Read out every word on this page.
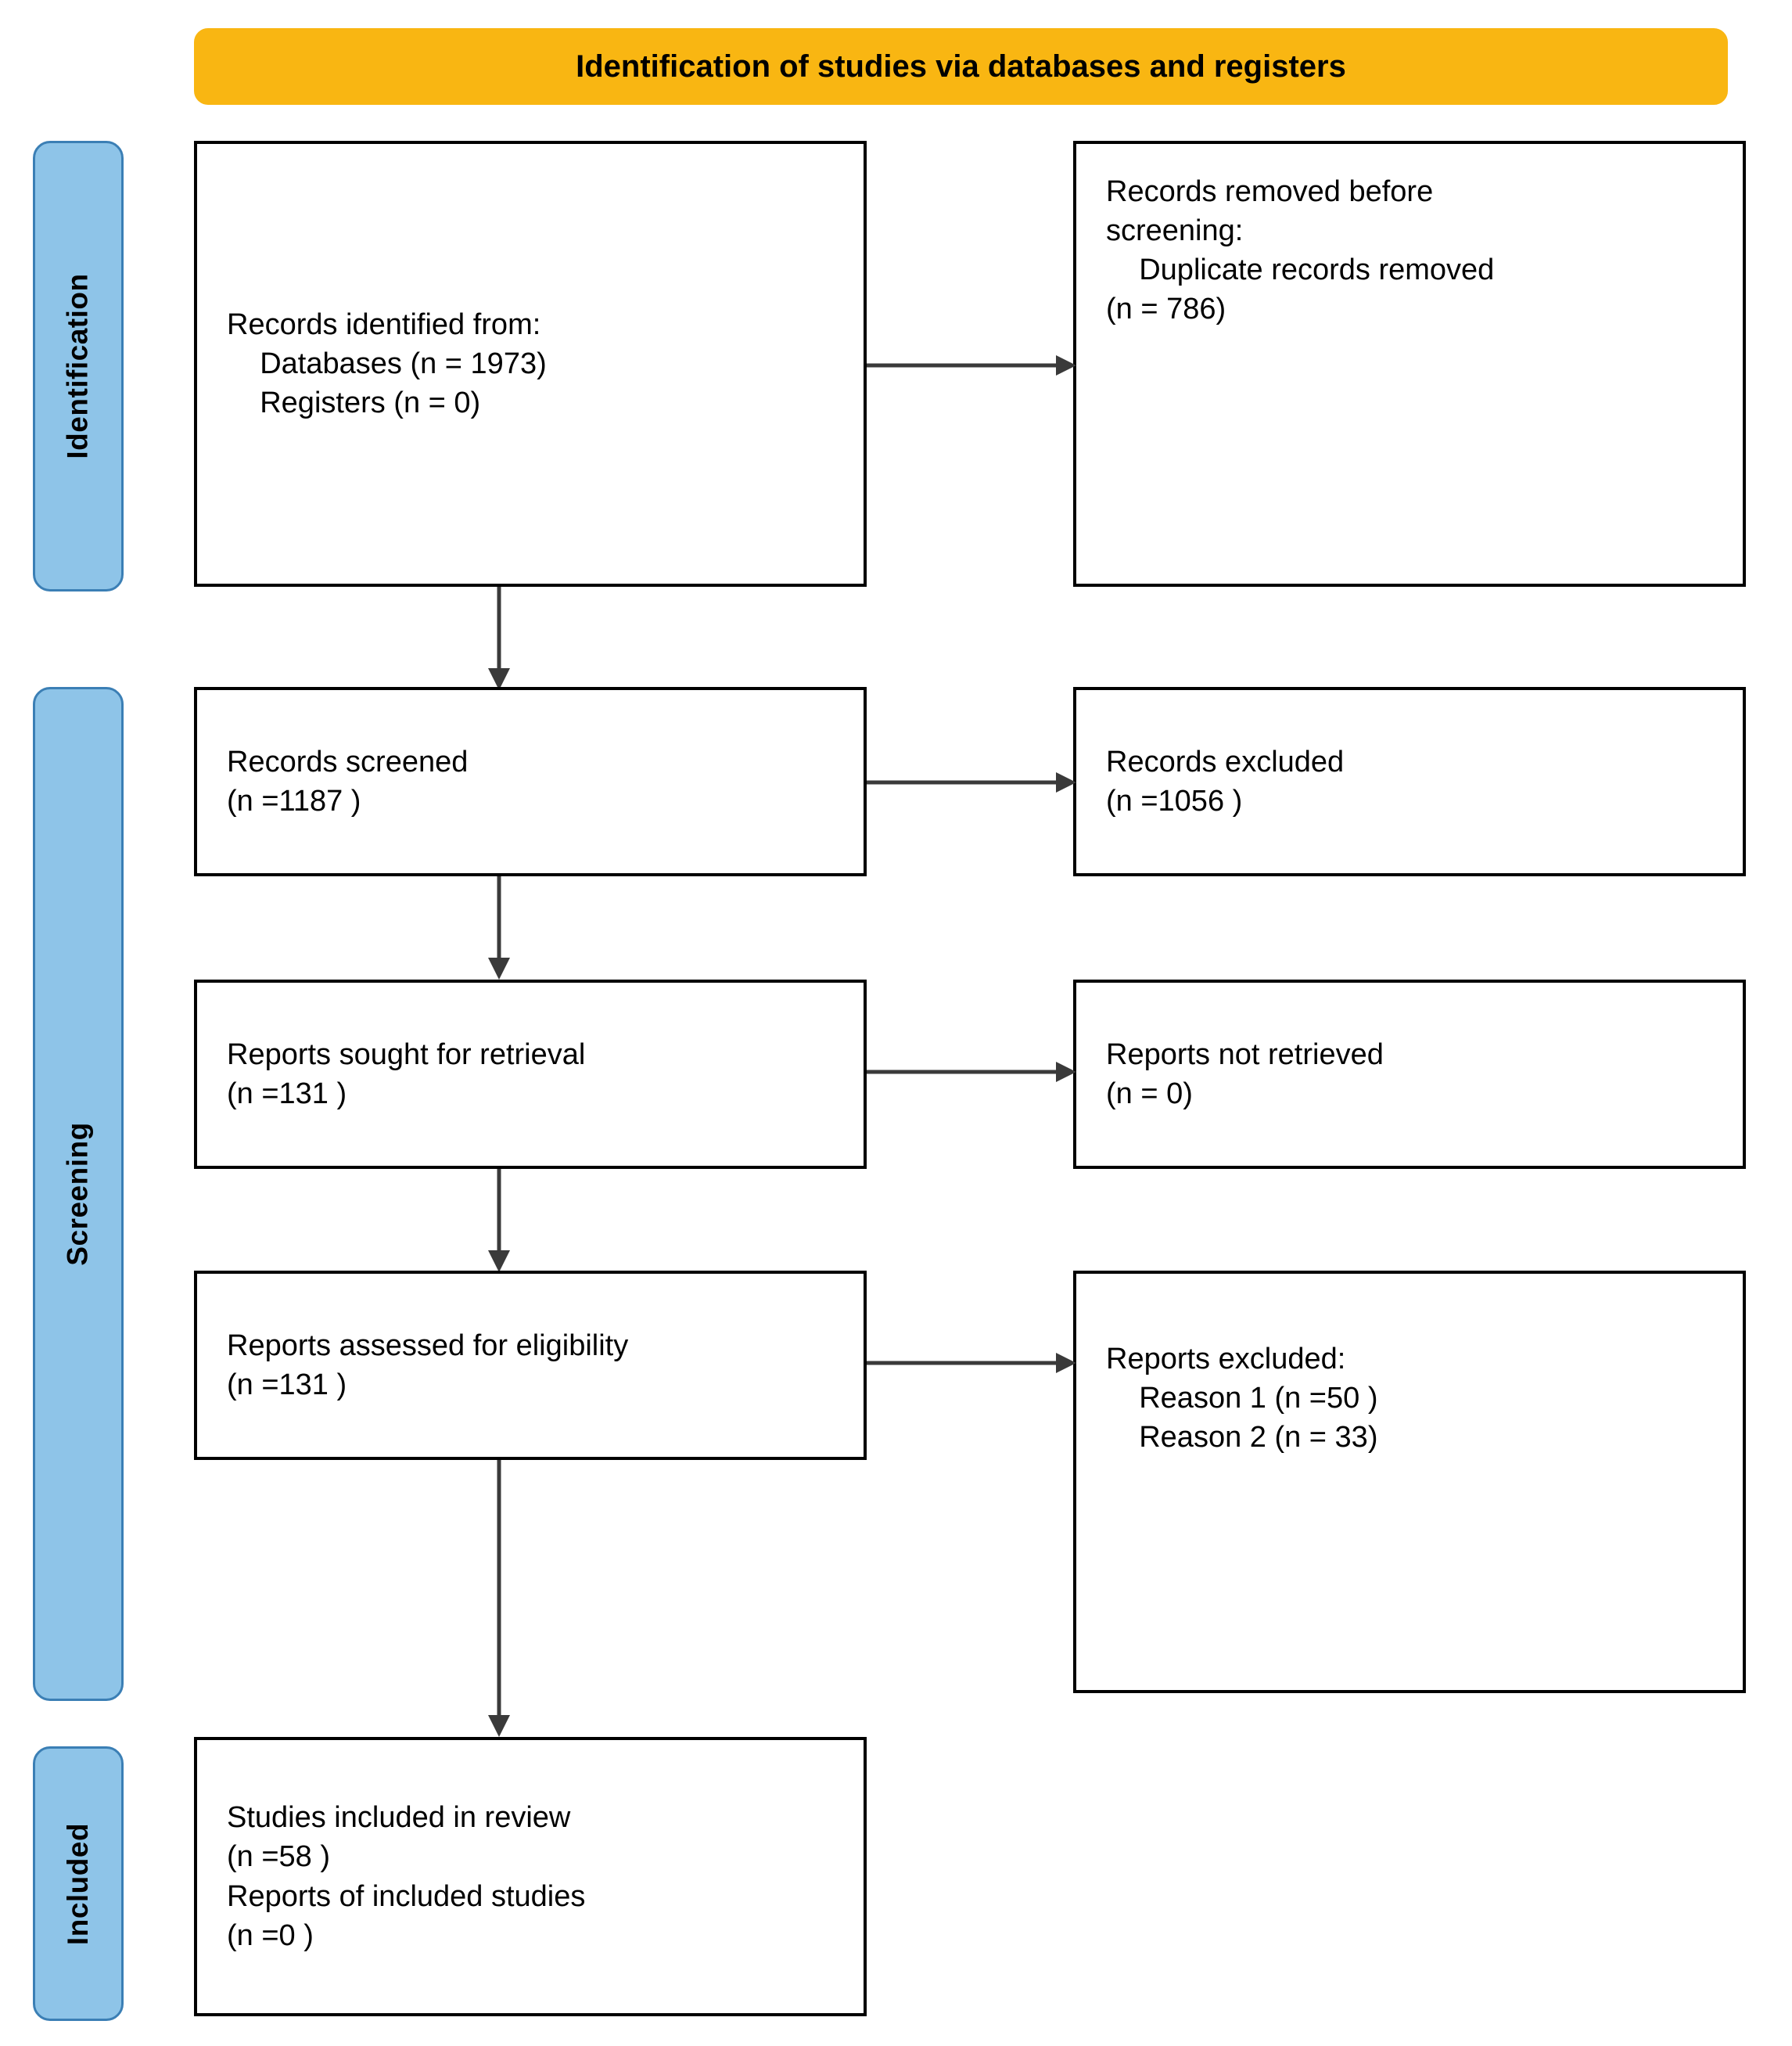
Identification of studies via databases and registers
Identification
Screening
Included
Records identified from:
Databases (n = 1973)
Registers (n = 0)
Records removed before
screening:
Duplicate records removed
(n = 786)
Records screened
(n =1187 )
Records excluded
(n =1056 )
Reports sought for retrieval
(n =131 )
Reports not retrieved
(n = 0)
Reports assessed for eligibility
(n =131 )
Reports excluded:
Reason 1 (n =50 )
Reason 2 (n = 33)
Studies included in review
(n =58 )
Reports of included studies
(n =0 )
